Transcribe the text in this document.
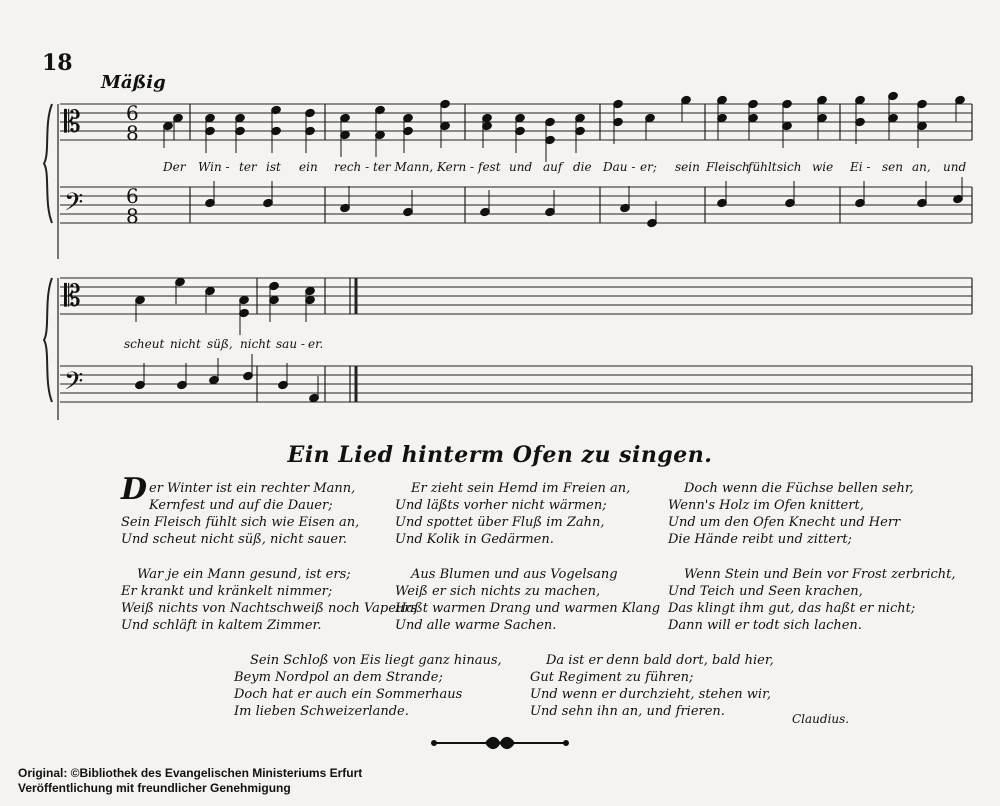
18
Mäßig
𝄡
𝄢
𝄡
𝄢
6
8
6
8
Der Win - ter ist ein rech - ter Mann, Kern - fest und auf die Dau - er; sein Fleisch
fühlt sich wie Ei - sen an, und
scheut nicht süß, nicht sau - er.
Ein Lied hinterm Ofen zu singen.
Der Winter ist ein rechter Mann,
Kernfest und auf die Dauer;
Sein Fleisch fühlt sich wie Eisen an,
Und scheut nicht süß, nicht sauer.
War je ein Mann gesund, ist ers;
Er krankt und kränkelt nimmer;
Weiß nichts von Nachtschweiß noch Vapeurs
Und schläft in kaltem Zimmer.
Er zieht sein Hemd im Freien an,
Und läßts vorher nicht wärmen;
Und spottet über Fluß im Zahn,
Und Kolik in Gedärmen.
Aus Blumen und aus Vogelsang
Weiß er sich nichts zu machen,
Haßt warmen Drang und warmen Klang
Und alle warme Sachen.
Doch wenn die Füchse bellen sehr,
Wenn's Holz im Ofen knittert,
Und um den Ofen Knecht und Herr
Die Hände reibt und zittert;
Wenn Stein und Bein vor Frost zerbricht,
Und Teich und Seen krachen,
Das klingt ihm gut, das haßt er nicht;
Dann will er todt sich lachen.
Sein Schloß von Eis liegt ganz hinaus,
Beym Nordpol an dem Strande;
Doch hat er auch ein Sommerhaus
Im lieben Schweizerlande.
Da ist er denn bald dort, bald hier,
Gut Regiment zu führen;
Und wenn er durchzieht, stehen wir,
Und sehn ihn an, und frieren.	Claudius.
Original: ©Bibliothek des Evangelischen Ministeriums Erfurt
Veröffentlichung mit freundlicher Genehmigung
